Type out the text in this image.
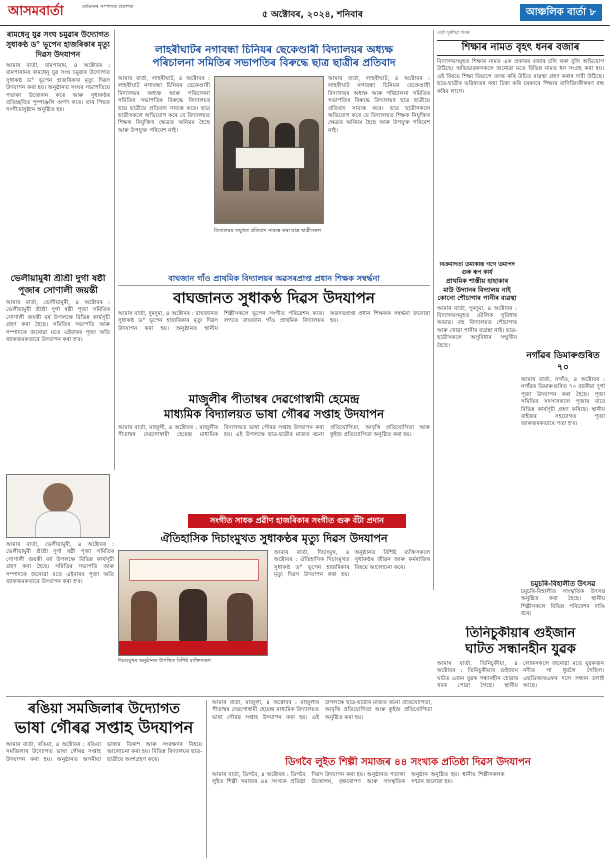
আসমবার্তা	বৰ্তমানৰ সম্পাদক প্ৰকাশক
৫ অক্টোবৰ, ২০২৪, শনিবাৰ	আঞ্চলিক বাৰ্তা ৮
ৰামধেনু যুৱ সংঘ চমুৱাৰ উদ্যোগত সুধাকণ্ঠ ড° ভূপেন হাজৰিকাৰ মৃত্যু দিৱস উদযাপন
আমাৰ বাৰ্তা, বামপাৰাম, ৪ অক্টোবৰ : বামপাৰামৰ ৰামধেনু যুৱ সংঘ চমুৱাৰ উদ্যোগত সুধাকণ্ঠ ড° ভূপেন হাজৰিকাৰ মৃত্যু দিৱস উদযাপন কৰা হয়। অনুষ্ঠানত সংঘৰ সভাপতিয়ে পতাকা উত্তোলন কৰে আৰু সুধাকণ্ঠৰ প্ৰতিচ্ছবিত পুষ্পাঞ্জলি অৰ্পণ কৰে। তাৰ পিছত সংগীতানুষ্ঠান অনুষ্ঠিত হয়।
ভেলীয়ামুৰী শ্ৰীশ্ৰী দুৰ্গা ষষ্ঠী পূজাৰ সোণালী জয়ন্তী
আমাৰ বাৰ্তা, ভেলীয়ামুৰী, ৪ অক্টোবৰ : ভেলীয়ামুৰী শ্ৰীশ্ৰী দুৰ্গা ষষ্ঠী পূজা সমিতিৰ সোণালী জয়ন্তী বৰ্ষ উপলক্ষে বিভিন্ন কাৰ্যসূচী গ্ৰহণ কৰা হৈছে। সমিতিৰ সভাপতি আৰু সম্পাদকে জনোৱা মতে এইবাৰৰ পূজা অতি জাকজমকতাৰে উদযাপন কৰা হ'ব।
লাহৰীঘাটৰ নগাবন্ধা চিনিযৰ ছেকেণ্ডাৰী বিদ্যালয়ৰ অধ্যক্ষ
পৰিচালনা সমিতিৰ সভাপতিৰ বিৰুদ্ধে ছাত্ৰ ছাত্ৰীৰ প্ৰতিবাদ
আমাৰ বাৰ্তা, লাহৰীঘাট, ৪ অক্টোবৰ : লাহৰীঘাট নগাবন্ধা চিনিয়ৰ ছেকেণ্ডাৰী বিদ্যালয়ৰ অধ্যক্ষ আৰু পৰিচালনা সমিতিৰ সভাপতিৰ বিৰুদ্ধে বিদ্যালয়ৰ ছাত্ৰ ছাত্ৰীয়ে প্ৰতিবাদ সাব্যস্ত কৰে। ছাত্ৰ ছাত্ৰীসকলে অভিযোগ কৰে যে বিদ্যালয়ত শিক্ষক নিযুক্তিৰ ক্ষেত্ৰত অনিয়ম হৈছে আৰু উপযুক্ত পৰিবেশ নাই।
বিদ্যালয়ৰ সন্মুখত প্ৰতিবাদ সাব্যস্ত কৰা ছাত্ৰ ছাত্ৰীসকল
আমাৰ বাৰ্তা, লাহৰীঘাট, ৪ অক্টোবৰ : লাহৰীঘাট নগাবন্ধা চিনিয়ৰ ছেকেণ্ডাৰী বিদ্যালয়ৰ অধ্যক্ষ আৰু পৰিচালনা সমিতিৰ সভাপতিৰ বিৰুদ্ধে বিদ্যালয়ৰ ছাত্ৰ ছাত্ৰীয়ে প্ৰতিবাদ সাব্যস্ত কৰে। ছাত্ৰ ছাত্ৰীসকলে অভিযোগ কৰে যে বিদ্যালয়ত শিক্ষক নিযুক্তিৰ ক্ষেত্ৰত অনিয়ম হৈছে আৰু উপযুক্ত পৰিবেশ নাই।
এটা সুকীয়া খবৰ
শিক্ষাৰ নামত বৃহৎ ধনৰ বজাৰ
বিদ্যালয়সমূহত শিক্ষাৰ নামত এক প্ৰকাৰৰ বজাৰ চলি থকা বুলি অভিযোগ উঠিছে। অভিভাৱকসকলে জনোৱা মতে বিভিন্ন নামত ধন সংগ্ৰহ কৰা হয়। এই বিষয়ে শিক্ষা বিভাগে তদন্ত কৰি উচিত ব্যৱস্থা গ্ৰহণ কৰাৰ দাবী উঠিছে। ছাত্ৰ-ছাত্ৰীৰ ভৱিষ্যতৰ কথা চিন্তা কৰি চৰকাৰে শিক্ষাৰ বাণিজ্যিকীকৰণ বন্ধ কৰিব লাগে।
বাঘজান গাঁও প্ৰাথমিক বিদ্যালয়ৰ অৱসৰপ্ৰাপ্ত প্ৰধান শিক্ষক সম্বৰ্দ্ধনা
বাঘজানত সুধাকণ্ঠ দিৱস উদযাপন
আমাৰ বাৰ্তা, দুমদুমা, ৪ অক্টোবৰ : বাঘজানত সুধাকণ্ঠ ড° ভূপেন হাজৰিকাৰ মৃত্যু দিৱস উদযাপন কৰা হয়। অনুষ্ঠানত স্থানীয় শিল্পীসকলে ভূপেন সংগীত পৰিৱেশন কৰে। লগতে বাঘজান গাঁও প্ৰাথমিক বিদ্যালয়ৰ অৱসৰপ্ৰাপ্ত প্ৰধান শিক্ষকক সম্বৰ্দ্ধনা জনোৱা হয়।
মাজুলীৰ পীতাম্বৰ দেৱগোস্বামী হেমেন্দ্ৰ
মাধ্যমিক বিদ্যালয়ত ভাষা গৌৰৱ সপ্তাহ উদযাপন
আমাৰ বাৰ্তা, মাজুলী, ৪ অক্টোবৰ : মাজুলীৰ পীতাম্বৰ দেৱগোস্বামী হেমেন্দ্ৰ মাধ্যমিক বিদ্যালয়ত ভাষা গৌৰৱ সপ্তাহ উদযাপন কৰা হয়। এই উপলক্ষে ছাত্ৰ-ছাত্ৰীৰ মাজত ৰচনা প্ৰতিযোগিতা, আবৃত্তি প্ৰতিযোগিতা আৰু কুইজ প্ৰতিযোগিতা অনুষ্ঠিত কৰা হয়।
বিক্ৰমদিত্য উমাকান্ত গগৈ উমাপদ গুৰু ৰূপ কাৰ্য
প্ৰাথমিক শাস্তীয় হাহাকাৰ
মাউ উদ্যানৰ বিদ্যালয় নাই কোনো শৌচাগাৰ পানীৰ ব্যৱস্থা
আমাৰ বাৰ্তা, দুমদুমা, ৪ অক্টোবৰ : বিদ্যালয়সমূহত মৌলিক সুবিধাৰ অভাৱ। বহু বিদ্যালয়ত শৌচাগাৰ আৰু খোৱা পানীৰ ব্যৱস্থা নাই। ছাত্ৰ-ছাত্ৰীসকলে অসুবিধাৰ সন্মুখীন হৈছে।
নগাঁৱৰ ডিমাৰুগুৰিত ৭০
আমাৰ বাৰ্তা, নগাঁও, ৪ অক্টোবৰ : নগাঁৱৰ ডিমাৰুগুৰিত ৭০ বছৰীয়া দুৰ্গা পূজা উদযাপন কৰা হৈছে। পূজা সমিতিৰ সদস্যসকলে পূজাৰ বাবে বিভিন্ন কাৰ্যসূচী গ্ৰহণ কৰিছে। স্থানীয় ৰাইজৰ সহযোগত পূজা জাকজমকতাৰে পতা হ'ব।
চমুচৰি-বিহালীত উৎসৱ
চমুচৰি-বিহালীত সাংস্কৃতিক উৎসৱ অনুষ্ঠিত কৰা হৈছে। স্থানীয় শিল্পীসকলে বিভিন্ন পৰিবেশন দাঙি ধৰে।
সংগীত সাধক প্ৰৱীণ হাজৰিকাৰ সংগীত গুৰু বঁটা প্ৰদান
ঐতিহাসিক দিচাংমুখত সুধাকণ্ঠৰ মৃত্যু দিৱস উদযাপন
দিচাংমুখৰ অনুষ্ঠানত উপস্থিত বিশিষ্ট ব্যক্তিসকল
আমাৰ বাৰ্তা, দিচাংমুখ, ৪ অক্টোবৰ : ঐতিহাসিক দিচাংমুখত সুধাকণ্ঠ ড° ভূপেন হাজৰিকাৰ মৃত্যু দিৱস উদযাপন কৰা হয়। অনুষ্ঠানত বিশিষ্ট ব্যক্তিসকলে সুধাকণ্ঠৰ জীৱন আৰু কৰ্মৰাজিৰ বিষয়ে আলোচনা কৰে।
আমাৰ বাৰ্তা, ভেলীয়ামুৰী, ৪ অক্টোবৰ : ভেলীয়ামুৰী শ্ৰীশ্ৰী দুৰ্গা ষষ্ঠী পূজা সমিতিৰ সোণালী জয়ন্তী বৰ্ষ উপলক্ষে বিভিন্ন কাৰ্যসূচী গ্ৰহণ কৰা হৈছে। সমিতিৰ সভাপতি আৰু সম্পাদকে জনোৱা মতে এইবাৰৰ পূজা অতি জাকজমকতাৰে উদযাপন কৰা হ'ব।
তিনিচুকীয়াৰ গুইজান
ঘাটত সন্ধানহীন যুৱক
আমাৰ বাৰ্তা, তিনিচুকীয়া, ৪ অক্টোবৰ : তিনিচুকীয়াৰ গুইজান ঘাটত এজন যুৱক সন্ধানহীন হোৱাৰ খবৰ পোৱা গৈছে। স্থানীয় লোকসকলে জনোৱা মতে যুৱকজন নদীত গা ধুবলৈ গৈছিল। এছডিআৰএফৰ দলে সন্ধান চলাই আছে।
ৰঙিয়া সমজিলাৰ উদ্যোগত
ভাষা গৌৰৱ সপ্তাহ উদযাপন
আমাৰ বাৰ্তা, ৰঙিয়া, ৪ অক্টোবৰ : ৰঙিয়া সমজিলাৰ উদ্যোগত ভাষা গৌৰৱ সপ্তাহ উদযাপন কৰা হয়। অনুষ্ঠানত অসমীয়া ভাষাৰ বিকাশ আৰু সংৰক্ষণৰ বিষয়ে আলোচনা কৰা হয়। বিভিন্ন বিদ্যালয়ৰ ছাত্ৰ-ছাত্ৰীয়ে অংশগ্ৰহণ কৰে।	ডিগবৈ লুইত শিল্পী সমাজৰ ৪৪ সংখ্যক প্ৰতিষ্ঠা দিৱস উদযাপন
আমাৰ বাৰ্তা, ডিগবৈ, ৪ অক্টোবৰ : ডিগবৈ লুইত শিল্পী সমাজৰ ৪৪ সংখ্যক প্ৰতিষ্ঠা দিৱস উদযাপন কৰা হয়। অনুষ্ঠানত পতাকা উত্তোলন, বৃক্ষৰোপণ আৰু সাংস্কৃতিক অনুষ্ঠান অনুষ্ঠিত হয়। স্থানীয় শিল্পীসকলক সন্মান জনোৱা হয়।
আমাৰ বাৰ্তা, মাজুলী, ৪ অক্টোবৰ : মাজুলীৰ পীতাম্বৰ দেৱগোস্বামী হেমেন্দ্ৰ মাধ্যমিক বিদ্যালয়ত ভাষা গৌৰৱ সপ্তাহ উদযাপন কৰা হয়। এই উপলক্ষে ছাত্ৰ-ছাত্ৰীৰ মাজত ৰচনা প্ৰতিযোগিতা, আবৃত্তি প্ৰতিযোগিতা আৰু কুইজ প্ৰতিযোগিতা অনুষ্ঠিত কৰা হয়।
